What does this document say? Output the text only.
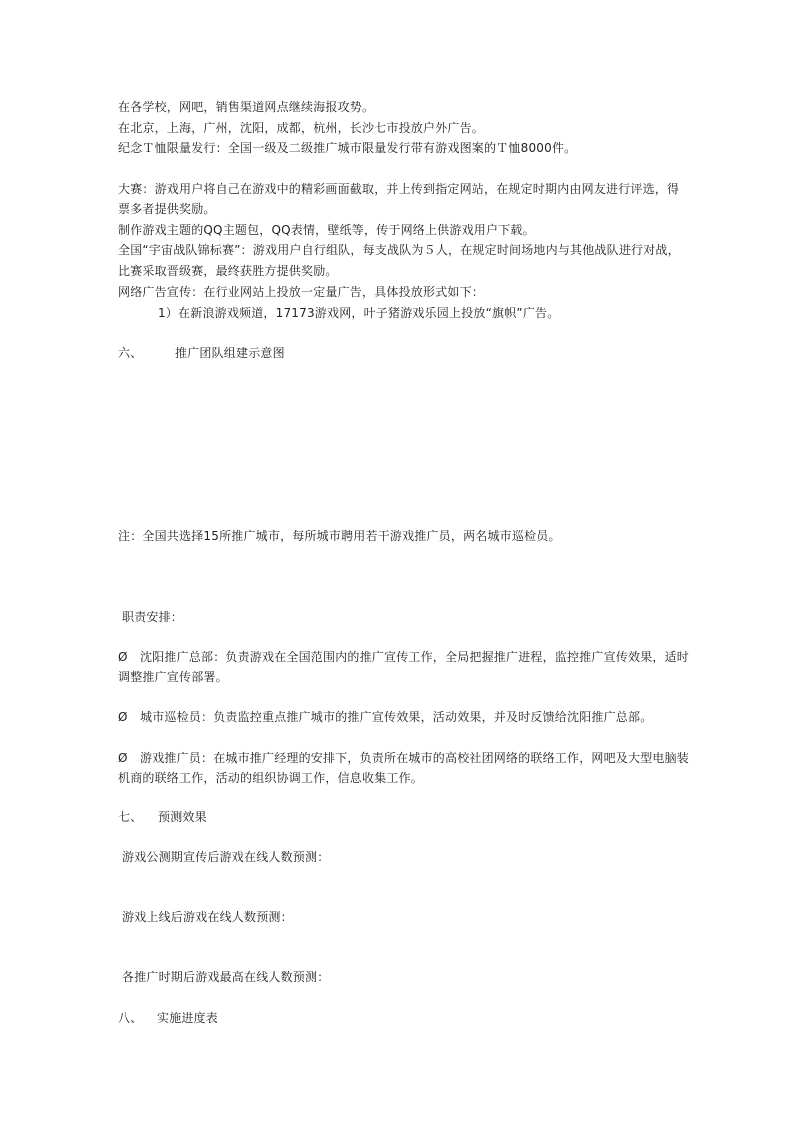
在各学校，网吧，销售渠道网点继续海报攻势。
在北京，上海，广州，沈阳，成都，杭州，长沙七市投放户外广告。
纪念Ｔ恤限量发行：全国一级及二级推广城市限量发行带有游戏图案的Ｔ恤8000件。
大赛：游戏用户将自己在游戏中的精彩画面截取，并上传到指定网站，在规定时期内由网友进行评选，得
票多者提供奖励。
制作游戏主题的QQ主题包，QQ表情，壁纸等，传于网络上供游戏用户下载。
全国“宇宙战队锦标赛”：游戏用户自行组队，每支战队为５人，在规定时间场地内与其他战队进行对战，
比赛采取晋级赛，最终获胜方提供奖励。
网络广告宣传：在行业网站上投放一定量广告，具体投放形式如下：
1）在新浪游戏频道，17173游戏网，叶子猪游戏乐园上投放“旗帜”广告。
六、	推广团队组建示意图
注：全国共选择15所推广城市，每所城市聘用若干游戏推广员，两名城市巡检员。
职责安排：
Ø 沈阳推广总部：负责游戏在全国范围内的推广宣传工作，全局把握推广进程，监控推广宣传效果，适时
调整推广宣传部署。
Ø 城市巡检员：负责监控重点推广城市的推广宣传效果，活动效果，并及时反馈给沈阳推广总部。
Ø 游戏推广员：在城市推广经理的安排下，负责所在城市的高校社团网络的联络工作，网吧及大型电脑装
机商的联络工作，活动的组织协调工作，信息收集工作。
七、 预测效果
游戏公测期宣传后游戏在线人数预测：
游戏上线后游戏在线人数预测：
各推广时期后游戏最高在线人数预测：
八、 实施进度表
